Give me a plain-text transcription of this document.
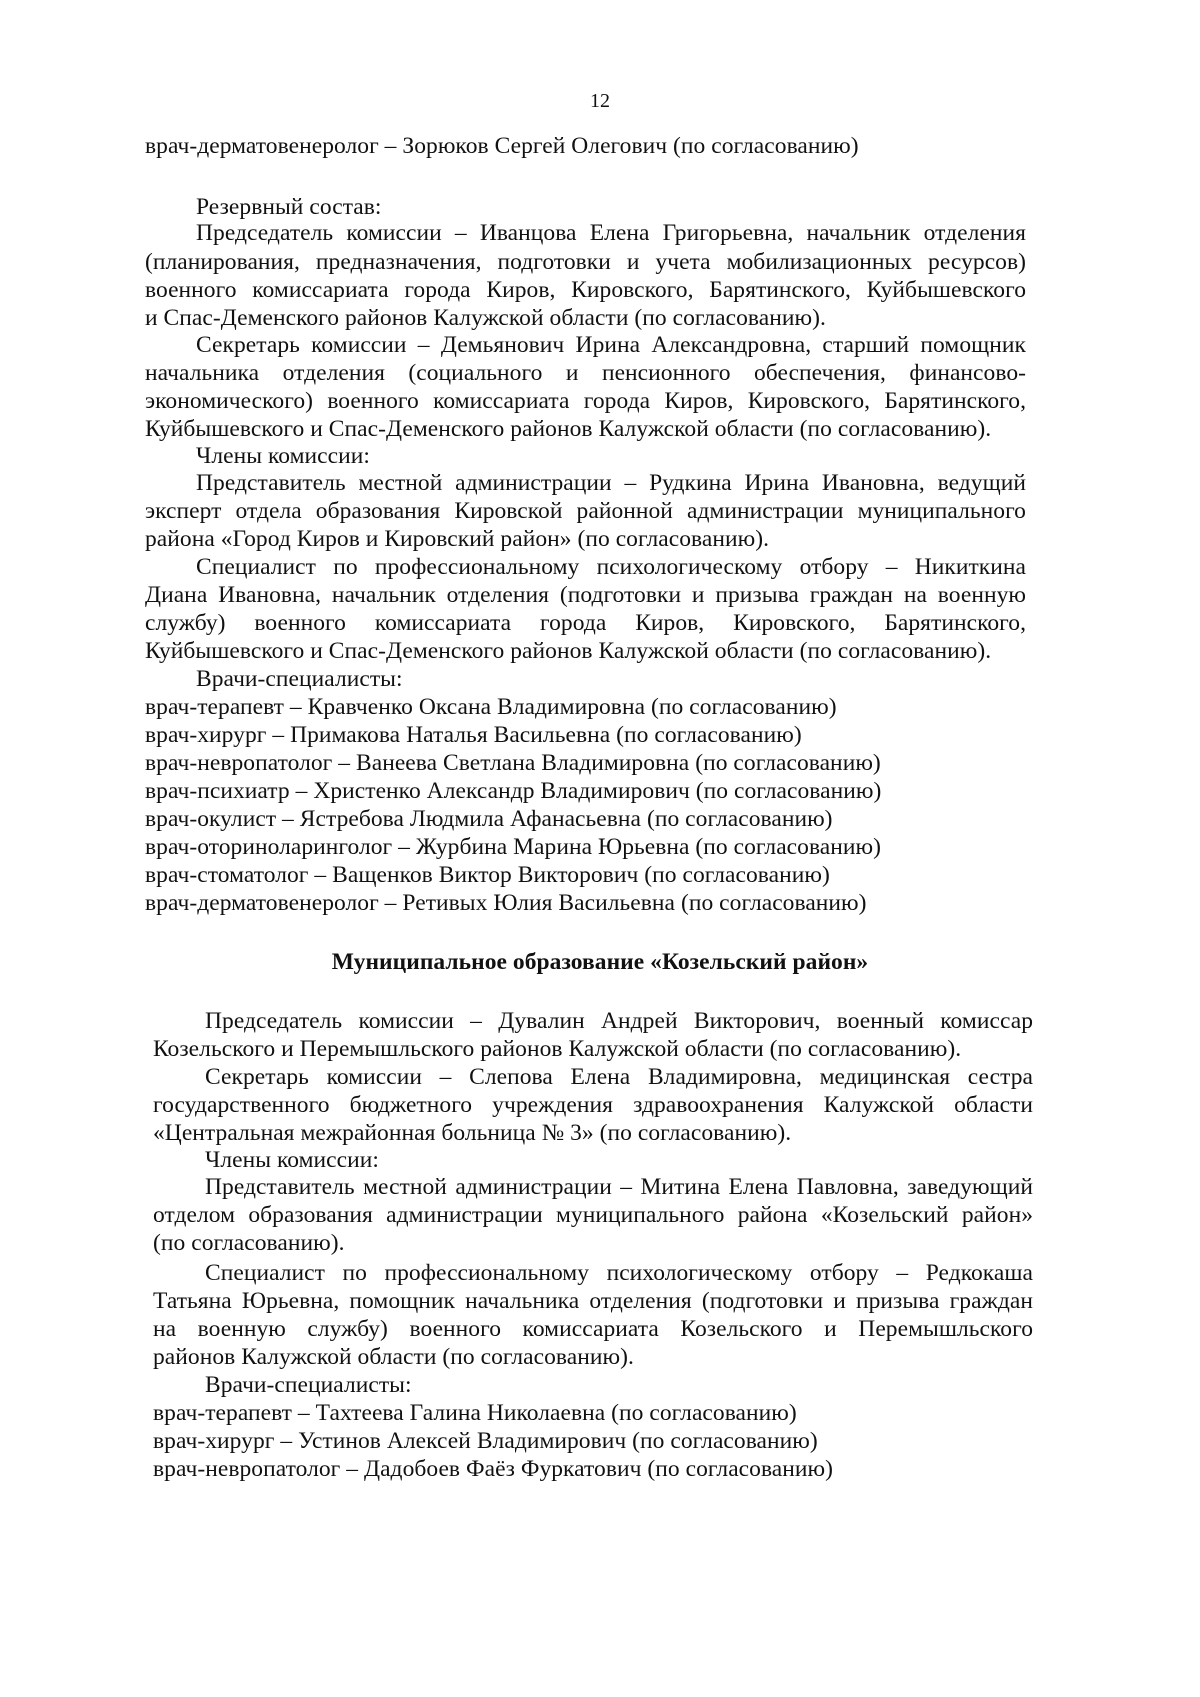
12
врач-дерматовенеролог – Зорюков Сергей Олегович (по согласованию)
Резервный состав:
Председатель комиссии – Иванцова Елена Григорьевна, начальник отделения
(планирования, предназначения, подготовки и учета мобилизационных ресурсов)
военного комиссариата города Киров, Кировского, Барятинского, Куйбышевского
и Спас-Деменского районов Калужской области (по согласованию).
Секретарь комиссии – Демьянович Ирина Александровна, старший помощник
начальника отделения (социального и пенсионного обеспечения, финансово-
экономического) военного комиссариата города Киров, Кировского, Барятинского,
Куйбышевского и Спас-Деменского районов Калужской области (по согласованию).
Члены комиссии:
Представитель местной администрации – Рудкина Ирина Ивановна, ведущий
эксперт отдела образования Кировской районной администрации муниципального
района «Город Киров и Кировский район» (по согласованию).
Специалист по профессиональному психологическому отбору – Никиткина
Диана Ивановна, начальник отделения (подготовки и призыва граждан на военную
службу) военного комиссариата города Киров, Кировского, Барятинского,
Куйбышевского и Спас-Деменского районов Калужской области (по согласованию).
Врачи-специалисты:
врач-терапевт – Кравченко Оксана Владимировна (по согласованию)
врач-хирург – Примакова Наталья Васильевна (по согласованию)
врач-невропатолог – Ванеева Светлана Владимировна (по согласованию)
врач-психиатр – Христенко Александр Владимирович (по согласованию)
врач-окулист – Ястребова Людмила Афанасьевна (по согласованию)
врач-оториноларинголог – Журбина Марина Юрьевна (по согласованию)
врач-стоматолог – Ващенков Виктор Викторович (по согласованию)
врач-дерматовенеролог – Ретивых Юлия Васильевна (по согласованию)
Муниципальное образование «Козельский район»
Председатель комиссии – Дувалин Андрей Викторович, военный комиссар
Козельского и Перемышльского районов Калужской области (по согласованию).
Секретарь комиссии – Слепова Елена Владимировна, медицинская сестра
государственного бюджетного учреждения здравоохранения Калужской области
«Центральная межрайонная больница № 3» (по согласованию).
Члены комиссии:
Представитель местной администрации – Митина Елена Павловна, заведующий
отделом образования администрации муниципального района «Козельский район»
(по согласованию).
Специалист по профессиональному психологическому отбору – Редкокаша
Татьяна Юрьевна, помощник начальника отделения (подготовки и призыва граждан
на военную службу) военного комиссариата Козельского и Перемышльского
районов Калужской области (по согласованию).
Врачи-специалисты:
врач-терапевт – Тахтеева Галина Николаевна (по согласованию)
врач-хирург – Устинов Алексей Владимирович (по согласованию)
врач-невропатолог – Дадобоев Фаёз Фуркатович (по согласованию)
